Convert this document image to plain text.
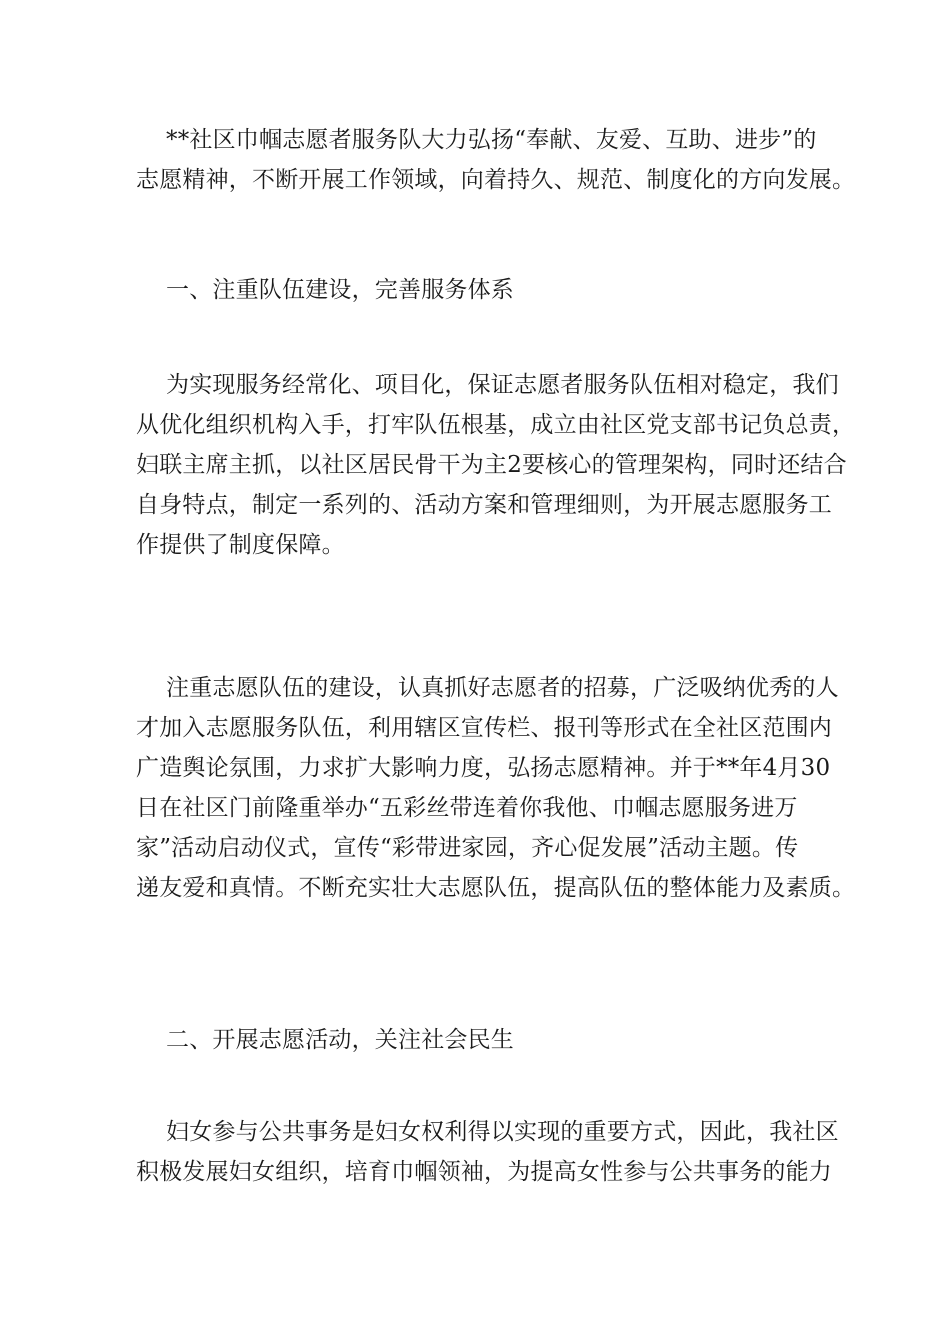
**社区巾帼志愿者服务队大力弘扬“奉献、友爱、互助、进步”的
志愿精神，不断开展工作领域，向着持久、规范、制度化的方向发展。
一、注重队伍建设，完善服务体系
为实现服务经常化、项目化，保证志愿者服务队伍相对稳定，我们
从优化组织机构入手，打牢队伍根基，成立由社区党支部书记负总责，
妇联主席主抓，以社区居民骨干为主2要核心的管理架构，同时还结合
自身特点，制定一系列的、活动方案和管理细则，为开展志愿服务工
作提供了制度保障。
注重志愿队伍的建设，认真抓好志愿者的招募，广泛吸纳优秀的人
才加入志愿服务队伍，利用辖区宣传栏、报刊等形式在全社区范围内
广造舆论氛围，力求扩大影响力度，弘扬志愿精神。并于**年4月30
日在社区门前隆重举办“五彩丝带连着你我他、巾帼志愿服务进万
家”活动启动仪式，宣传“彩带进家园，齐心促发展”活动主题。传
递友爱和真情。不断充实壮大志愿队伍，提高队伍的整体能力及素质。
二、开展志愿活动，关注社会民生
妇女参与公共事务是妇女权利得以实现的重要方式，因此，我社区
积极发展妇女组织，培育巾帼领袖，为提高女性参与公共事务的能力
